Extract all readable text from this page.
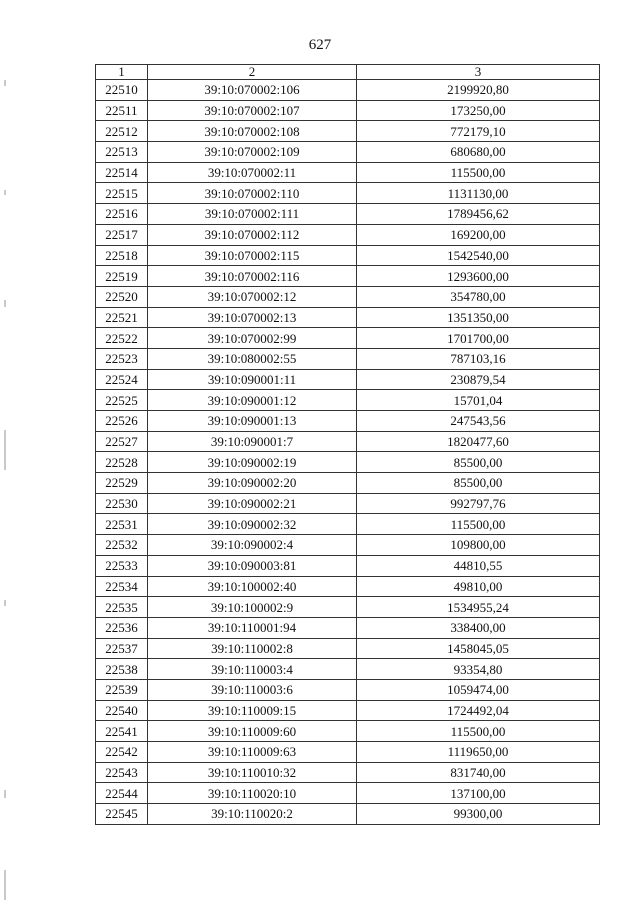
627
1	2	3
22510	39:10:070002:106	2199920,80
22511	39:10:070002:107	173250,00
22512	39:10:070002:108	772179,10
22513	39:10:070002:109	680680,00
22514	39:10:070002:11	115500,00
22515	39:10:070002:110	1131130,00
22516	39:10:070002:111	1789456,62
22517	39:10:070002:112	169200,00
22518	39:10:070002:115	1542540,00
22519	39:10:070002:116	1293600,00
22520	39:10:070002:12	354780,00
22521	39:10:070002:13	1351350,00
22522	39:10:070002:99	1701700,00
22523	39:10:080002:55	787103,16
22524	39:10:090001:11	230879,54
22525	39:10:090001:12	15701,04
22526	39:10:090001:13	247543,56
22527	39:10:090001:7	1820477,60
22528	39:10:090002:19	85500,00
22529	39:10:090002:20	85500,00
22530	39:10:090002:21	992797,76
22531	39:10:090002:32	115500,00
22532	39:10:090002:4	109800,00
22533	39:10:090003:81	44810,55
22534	39:10:100002:40	49810,00
22535	39:10:100002:9	1534955,24
22536	39:10:110001:94	338400,00
22537	39:10:110002:8	1458045,05
22538	39:10:110003:4	93354,80
22539	39:10:110003:6	1059474,00
22540	39:10:110009:15	1724492,04
22541	39:10:110009:60	115500,00
22542	39:10:110009:63	1119650,00
22543	39:10:110010:32	831740,00
22544	39:10:110020:10	137100,00
22545	39:10:110020:2	99300,00
